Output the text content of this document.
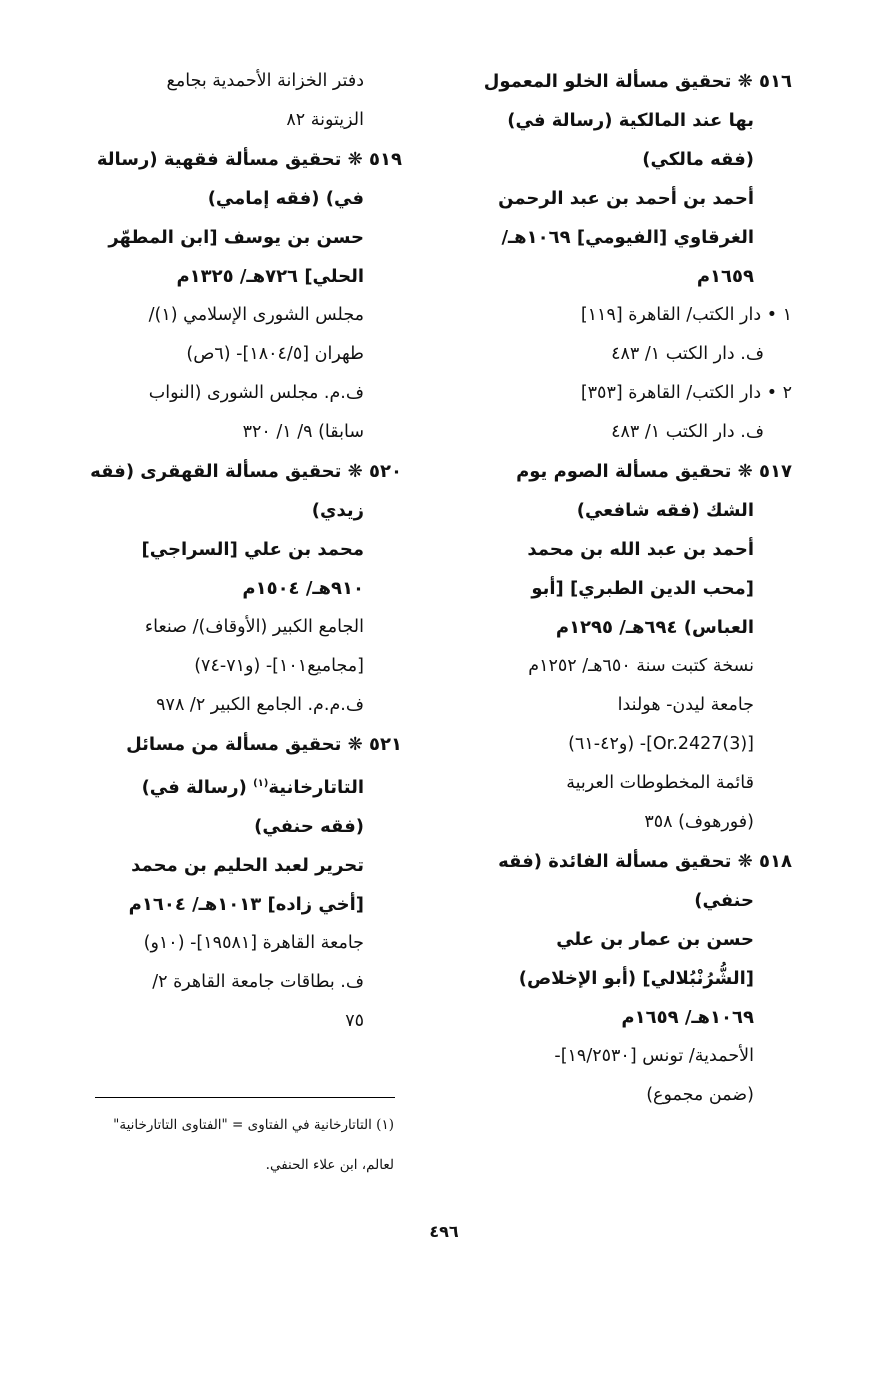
٥١٦ ❋ تحقيق مسألة الخلو المعمول
بها عند المالكية (رسالة في)
(فقه مالكي)
أحمد بن أحمد بن عبد الرحمن
الغرقاوي [الفيومي] ١٠٦٩هـ/
١٦٥٩م
١ • دار الكتب/ القاهرة [١١٩]
ف. دار الكتب ١/ ٤٨٣
٢ • دار الكتب/ القاهرة [٣٥٣]
ف. دار الكتب ١/ ٤٨٣
٥١٧ ❋ تحقيق مسألة الصوم يوم
الشك (فقه شافعي)
أحمد بن عبد الله بن محمد
[محب الدين الطبري] [أبو
العباس) ٦٩٤هـ/ ١٢٩٥م
نسخة كتبت سنة ٦٥٠هـ/ ١٢٥٢م
جامعة ليدن- هولندا
[Or.2427(3)]- (و٤٢-٦١)
قائمة المخطوطات العربية
(فورهوف) ٣٥٨
٥١٨ ❋ تحقيق مسألة الفائدة (فقه
حنفي)
حسن بن عمار بن علي
[الشُّرُنْبُلالي] (أبو الإخلاص)
١٠٦٩هـ/ ١٦٥٩م
الأحمدية/ تونس [١٩/٢٥٣٠]-
(ضمن مجموع)
دفتر الخزانة الأحمدية بجامع
الزيتونة ٨٢
٥١٩ ❋ تحقيق مسألة فقهية (رسالة
في) (فقه إمامي)
حسن بن يوسف [ابن المطهّر
الحلي] ٧٢٦هـ/ ١٣٢٥م
مجلس الشورى الإسلامي (١)/
طهران [١٨٠٤/٥]- (٦ص)
ف.م. مجلس الشورى (النواب
سابقا) ٩/ ١/ ٣٢٠
٥٢٠ ❋ تحقيق مسألة القهقرى (فقه
زيدي)
محمد بن علي [السراجي]
٩١٠هـ/ ١٥٠٤م
الجامع الكبير (الأوقاف)/ صنعاء
[مجاميع١٠١]- (و٧١-٧٤)
ف.م.م. الجامع الكبير ٢/ ٩٧٨
٥٢١ ❋ تحقيق مسألة من مسائل
التاتارخانية$^{(١)}$ (رسالة في)
(فقه حنفي)
تحرير لعبد الحليم بن محمد
[أخي زاده] ١٠١٣هـ/ ١٦٠٤م
جامعة القاهرة [١٩٥٨١]- (١٠و)
ف. بطاقات جامعة القاهرة ٢/
٧٥
(١) التاتارخانية في الفتاوى = "الفتاوى التاتارخانية"
لعالم، ابن علاء الحنفي.
٤٩٦
